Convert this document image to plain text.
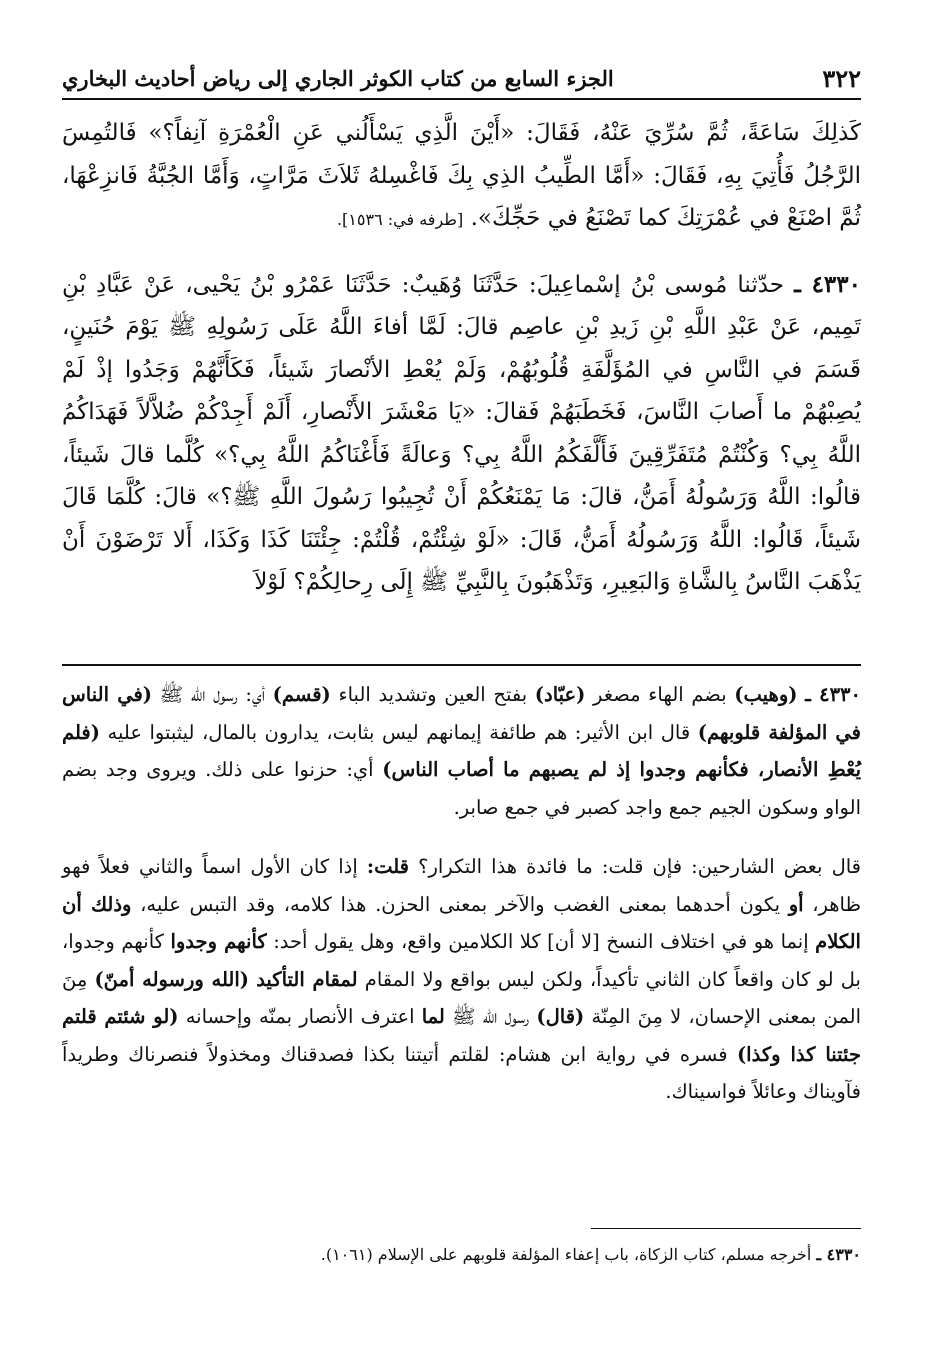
٣٢٢
الجزء السابع من كتاب الكوثر الجاري إلى رياض أحاديث البخاري

كَذلِكَ سَاعَةً، ثُمَّ سُرِّيَ عَنْهُ، فَقَالَ: «أَيْنَ الَّذِي يَسْأَلُني عَنِ الْعُمْرَةِ آنِفاً؟» فَالتُمِسَ الرَّجُلُ فَأُتِيَ بِهِ، فَقَالَ: «أَمَّا الطِّيبُ الذِي بِكَ فَاغْسِلهُ ثَلاَثَ مَرَّاتٍ، وَأَمَّا الجُبَّةُ فَانزِعْهَا، ثُمَّ اصْنَعْ في عُمْرَتِكَ كما تَصْنَعُ في حَجِّكَ». [طرفه في: ١٥٣٦].

٤٣٣٠ ـ حدّثنا مُوسى بْنُ إسْماعِيلَ: حَدَّثَنَا وُهَيبٌ: حَدَّثَنَا عَمْرُو بْنُ يَحْيى، عَنْ عَبَّادِ بْنِ تَمِيم، عَنْ عَبْدِ اللَّهِ بْنِ زَيدِ بْنِ عاصِم قالَ: لَمَّا أفاءَ اللَّهُ عَلَى رَسُولِهِ ﷺ يَوْمَ حُنَينٍ، قَسَمَ في النَّاسِ في المُؤَلَّفَةِ قُلُوبُهُمْ، وَلَمْ يُعْطِ الأنْصارَ شَيئاً، فَكَأَنَّهُمْ وَجَدُوا إذْ لَمْ يُصِبْهُمْ ما أَصابَ النَّاسَ، فَخَطَبَهُمْ فَقالَ: «يَا مَعْشَرَ الأَنْصارِ، أَلَمْ أَجِدْكُمْ ضُلاَّلاً فَهَدَاكُمُ اللَّهُ بِي؟ وَكُنْتُمْ مُتَفَرِّقِينَ فَأَلَّفَكُمُ اللَّهُ بِي؟ وَعالَةً فَأَغْنَاكُمُ اللَّهُ بِي؟» كُلَّما قالَ شَيئاً، قالُوا: اللَّهُ وَرَسُولُهُ أَمَنُّ، قالَ: مَا يَمْنَعُكُمْ أَنْ تُجِيبُوا رَسُولَ اللَّهِ ﷺ؟» قالَ: كُلَّمَا قَالَ شَيئاً، قَالُوا: اللَّهُ وَرَسُولُهُ أَمَنُّ، قَالَ: «لَوْ شِئْتُمْ، قُلْتُمْ: جِئْتَنَا كَذَا وَكَذَا، أَلا تَرْضَوْنَ أَنْ يَذْهَبَ النَّاسُ بِالشَّاةِ وَالبَعِيرِ، وَتَذْهَبُونَ بِالنَّبِيِّ ﷺ إِلَى رِحالِكُمْ؟ لَوْلاَ

٤٣٣٠ ـ (وهيب) بضم الهاء مصغر (عبّاد) بفتح العين وتشديد الباء (قسم) أي: رسول الله ﷺ (في الناس في المؤلفة قلوبهم) قال ابن الأثير: هم طائفة إيمانهم ليس بثابت، يدارون بالمال، ليثبتوا عليه (فلم يُعْطِ الأنصار، فكأنهم وجدوا إذ لم يصبهم ما أصاب الناس) أي: حزنوا على ذلك. ويروى وجد بضم الواو وسكون الجيم جمع واجد كصبر في جمع صابر.

قال بعض الشارحين: فإن قلت: ما فائدة هذا التكرار؟ قلت: إذا كان الأول اسماً والثاني فعلاً فهو ظاهر، أو يكون أحدهما بمعنى الغضب والآخر بمعنى الحزن. هذا كلامه، وقد التبس عليه، وذلك أن الكلام إنما هو في اختلاف النسخ [لا أن] كلا الكلامين واقع، وهل يقول أحد: كأنهم وجدوا كأنهم وجدوا، بل لو كان واقعاً كان الثاني تأكيداً، ولكن ليس بواقع ولا المقام لمقام التأكيد (الله ورسوله أمنّ) مِنَ المن بمعنى الإحسان، لا مِنَ المِنّة (قال) رسول الله ﷺ لما اعترف الأنصار بمنّه وإحسانه (لو شئتم قلتم جئتنا كذا وكذا) فسره في رواية ابن هشام: لقلتم أتيتنا بكذا فصدقناك ومخذولاً فنصرناك وطريداً فآويناك وعائلاً فواسيناك.

٤٣٣٠ ـ أخرجه مسلم، كتاب الزكاة، باب إعفاء المؤلفة قلوبهم على الإسلام (١٠٦١).
